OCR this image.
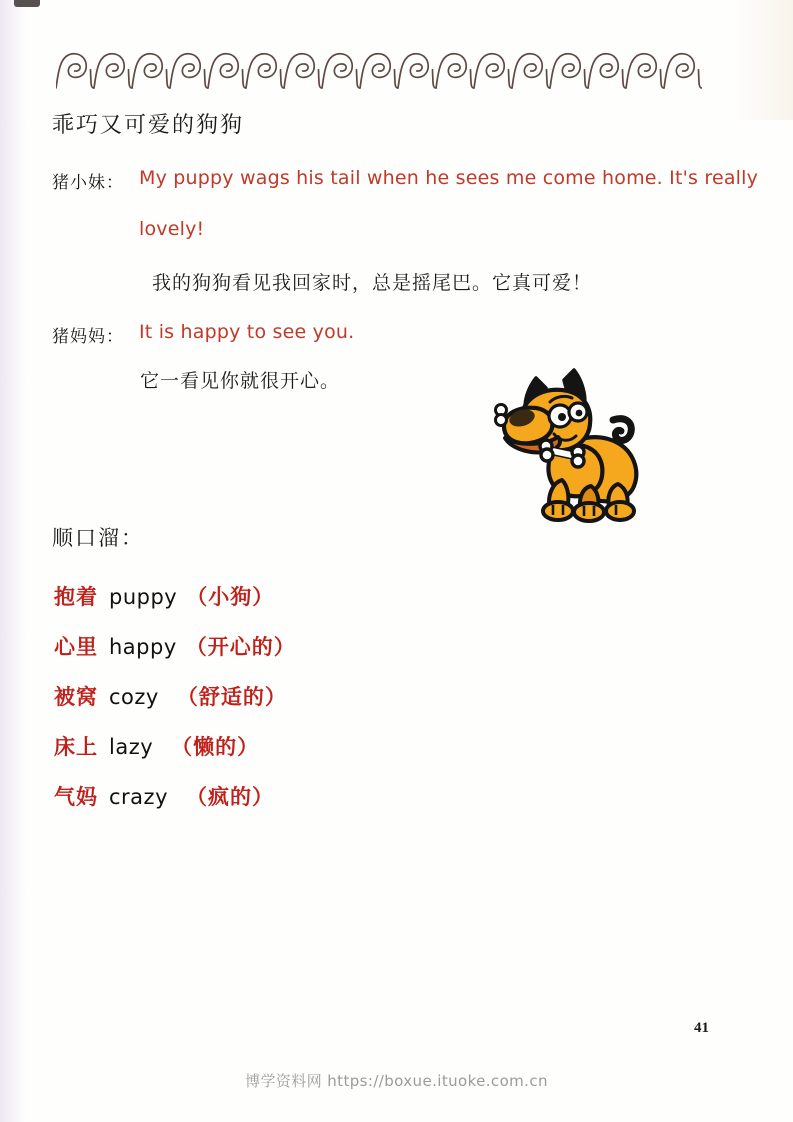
乖巧又可爱的狗狗
猪小妹： My puppy wags his tail when he sees me come home. It's really
lovely!
我的狗狗看见我回家时，总是摇尾巴。它真可爱！
猪妈妈： It is happy to see you.
它一看见你就很开心。
顺口溜：
抱着 puppy （小狗）
心里 happy （开心的）
被窝 cozy （舒适的）
床上 lazy （懒的）
气妈 crazy （疯的）
41
博学资料网 https://boxue.ituoke.com.cn
